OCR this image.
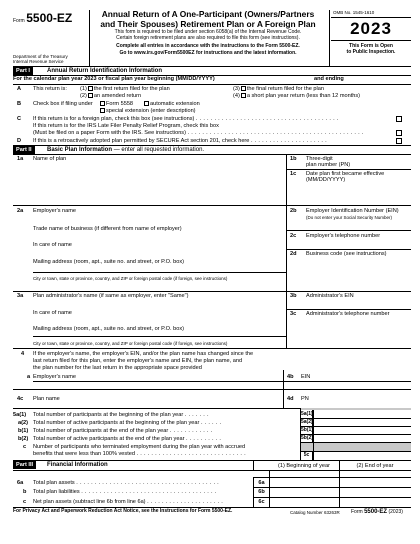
Form 5500-EZ
Department of the Treasury
Internal Revenue Service
Annual Return of A One-Participant (Owners/Partners and Their Spouses) Retirement Plan or A Foreign Plan
This form is required to be filed under section 6058(a) of the Internal Revenue Code.
Certain foreign retirement plans are also required to file this form (see instructions).
Complete all entries in accordance with the instructions to the Form 5500-EZ.
Go to www.irs.gov/Form5500EZ for instructions and the latest information.
OMB No. 1545-1610
2023
This Form is Open
to Public Inspection.
Part I	Annual Return Identification Information
For the calendar plan year 2023 or fiscal plan year beginning (MM/DD/YYYY)	and ending
A This return is: (1) the first return filed for the plan	(3) the final return filed for the plan
(2) an amended return	(4) a short plan year return (less than 12 months)
B Check box if filing under	Form 5558	automatic extension
special extension (enter description)
C If this return is for a foreign plan, check this box (see instructions) . . . . . . . . . . . . . . . . . . . . . . . . . . . . . . . . . . . . . . .
If this return is for the IRS Late Filer Penalty Relief Program, check this box
(Must be filed on a paper Form with the IRS. See instructions) . . . . . . . . . . . . . . . . . . . . . . . . . . . . . . . . . . . . . . . . . . . . . . . .
D If this is a retroactively adopted plan permitted by SECURE Act section 201, check here . . . . . . . . . . . . . . . . . . . . .
Part II	Basic Plan Information — enter all requested information.
1a Name of plan	1b Three-digit
plan number (PN)
1c Date plan first became effective
(MM/DD/YYYY)
2a Employer's name
Trade name of business (if different from name of employer)
In care of name
Mailing address (room, apt., suite no. and street, or P.O. box)
City or town, state or province, country, and ZIP or foreign postal code (if foreign, see instructions)
2b Employer Identification Number (EIN)
(Do not enter your Social Security Number)
2c Employer's telephone number
2d Business code (see instructions)
3a Plan administrator's name (if same as employer, enter "Same")
In care of name
Mailing address (room, apt., suite no. and street, or P.O. box)
City or town, state or province, country, and ZIP or foreign postal code (if foreign, see instructions)
3b Administrator's EIN
3c Administrator's telephone number
4 If the employer's name, the employer's EIN, and/or the plan name has changed since the
last return filed for this plan, enter the employer's name and EIN, the plan name, and
the plan number for the last return in the appropriate space provided
a Employer's name	4b EIN
4c Plan name	4d PN
5a(1) Total number of participants at the beginning of the plan year . . . . . . .	5a(1)
a(2) Total number of active participants at the beginning of the plan year . . . . . .	5a(2)
b(1) Total number of participants at the end of the plan year . . . . . . . . . . . .	5b(1)
b(2) Total number of active participants at the end of the plan year . . . . . . . . . .	5b(2)
c Number of participants who terminated employment during the plan year with accrued
benefits that were less than 100% vested . . . . . . . . . . . . . . . . . . . . . . . . . . . . . .	5c
Part III	Financial Information	(1) Beginning of year	(2) End of year
6a Total plan assets . . . . . . . . . . . . . . . . . . . . . . . . . . . . . . . . . . . . . . .	6a
b Total plan liabilities . . . . . . . . . . . . . . . . . . . . . . . . . . . . . . . . . . . . .	6b
c Net plan assets (subtract line 6b from line 6a) . . . . . . . . . . . . . . . . . . . . .	6c
For Privacy Act and Paperwork Reduction Act Notice, see the Instructions for Form 5500-EZ.	Catalog Number 63263R Form 5500-EZ (2023)
